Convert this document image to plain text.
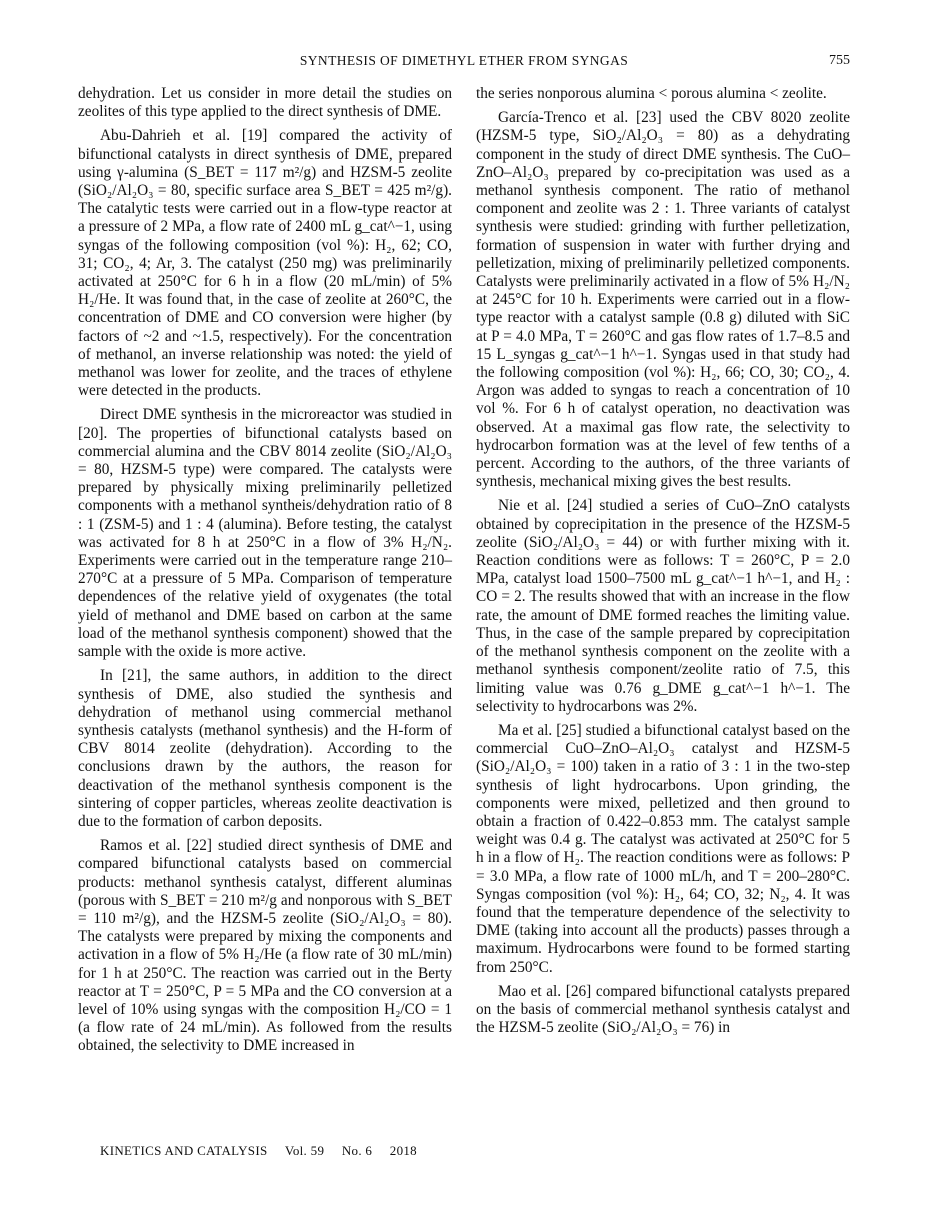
SYNTHESIS OF DIMETHYL ETHER FROM SYNGAS	755

dehydration. Let us consider in more detail the studies on zeolites of this type applied to the direct synthesis of DME.

Abu-Dahrieh et al. [19] compared the activity of bifunctional catalysts in direct synthesis of DME, prepared using γ-alumina (S_BET = 117 m²/g) and HZSM-5 zeolite (SiO₂/Al₂O₃ = 80, specific surface area S_BET = 425 m²/g). The catalytic tests were carried out in a flow-type reactor at a pressure of 2 MPa, a flow rate of 2400 mL g_cat^−1, using syngas of the following composition (vol %): H₂, 62; CO, 31; CO₂, 4; Ar, 3. The catalyst (250 mg) was preliminarily activated at 250°C for 6 h in a flow (20 mL/min) of 5% H₂/He. It was found that, in the case of zeolite at 260°C, the concentration of DME and CO conversion were higher (by factors of ~2 and ~1.5, respectively). For the concentration of methanol, an inverse relationship was noted: the yield of methanol was lower for zeolite, and the traces of ethylene were detected in the products.

Direct DME synthesis in the microreactor was studied in [20]. The properties of bifunctional catalysts based on commercial alumina and the CBV 8014 zeolite (SiO₂/Al₂O₃ = 80, HZSM-5 type) were compared. The catalysts were prepared by physically mixing preliminarily pelletized components with a methanol syntheis/dehydration ratio of 8 : 1 (ZSM-5) and 1 : 4 (alumina). Before testing, the catalyst was activated for 8 h at 250°C in a flow of 3% H₂/N₂. Experiments were carried out in the temperature range 210–270°C at a pressure of 5 MPa. Comparison of temperature dependences of the relative yield of oxygenates (the total yield of methanol and DME based on carbon at the same load of the methanol synthesis component) showed that the sample with the oxide is more active.

In [21], the same authors, in addition to the direct synthesis of DME, also studied the synthesis and dehydration of methanol using commercial methanol synthesis catalysts (methanol synthesis) and the H-form of CBV 8014 zeolite (dehydration). According to the conclusions drawn by the authors, the reason for deactivation of the methanol synthesis component is the sintering of copper particles, whereas zeolite deactivation is due to the formation of carbon deposits.

Ramos et al. [22] studied direct synthesis of DME and compared bifunctional catalysts based on commercial products: methanol synthesis catalyst, different aluminas (porous with S_BET = 210 m²/g and nonporous with S_BET = 110 m²/g), and the HZSM-5 zeolite (SiO₂/Al₂O₃ = 80). The catalysts were prepared by mixing the components and activation in a flow of 5% H₂/He (a flow rate of 30 mL/min) for 1 h at 250°C. The reaction was carried out in the Berty reactor at T = 250°C, P = 5 MPa and the CO conversion at a level of 10% using syngas with the composition H₂/CO = 1 (a flow rate of 24 mL/min). As followed from the results obtained, the selectivity to DME increased in

the series nonporous alumina < porous alumina < zeolite.

García-Trenco et al. [23] used the CBV 8020 zeolite (HZSM-5 type, SiO₂/Al₂O₃ = 80) as a dehydrating component in the study of direct DME synthesis. The CuO–ZnO–Al₂O₃ prepared by co-precipitation was used as a methanol synthesis component. The ratio of methanol component and zeolite was 2 : 1. Three variants of catalyst synthesis were studied: grinding with further pelletization, formation of suspension in water with further drying and pelletization, mixing of preliminarily pelletized components. Catalysts were preliminarily activated in a flow of 5% H₂/N₂ at 245°C for 10 h. Experiments were carried out in a flow-type reactor with a catalyst sample (0.8 g) diluted with SiC at P = 4.0 MPa, T = 260°C and gas flow rates of 1.7–8.5 and 15 L_syngas g_cat^−1 h^−1. Syngas used in that study had the following composition (vol %): H₂, 66; CO, 30; CO₂, 4. Argon was added to syngas to reach a concentration of 10 vol %. For 6 h of catalyst operation, no deactivation was observed. At a maximal gas flow rate, the selectivity to hydrocarbon formation was at the level of few tenths of a percent. According to the authors, of the three variants of synthesis, mechanical mixing gives the best results.

Nie et al. [24] studied a series of CuO–ZnO catalysts obtained by coprecipitation in the presence of the HZSM-5 zeolite (SiO₂/Al₂O₃ = 44) or with further mixing with it. Reaction conditions were as follows: T = 260°C, P = 2.0 MPa, catalyst load 1500–7500 mL g_cat^−1 h^−1, and H₂ : CO = 2. The results showed that with an increase in the flow rate, the amount of DME formed reaches the limiting value. Thus, in the case of the sample prepared by coprecipitation of the methanol synthesis component on the zeolite with a methanol synthesis component/zeolite ratio of 7.5, this limiting value was 0.76 g_DME g_cat^−1 h^−1. The selectivity to hydrocarbons was 2%.

Ma et al. [25] studied a bifunctional catalyst based on the commercial CuO–ZnO–Al₂O₃ catalyst and HZSM-5 (SiO₂/Al₂O₃ = 100) taken in a ratio of 3 : 1 in the two-step synthesis of light hydrocarbons. Upon grinding, the components were mixed, pelletized and then ground to obtain a fraction of 0.422–0.853 mm. The catalyst sample weight was 0.4 g. The catalyst was activated at 250°C for 5 h in a flow of H₂. The reaction conditions were as follows: P = 3.0 MPa, a flow rate of 1000 mL/h, and T = 200–280°C. Syngas composition (vol %): H₂, 64; CO, 32; N₂, 4. It was found that the temperature dependence of the selectivity to DME (taking into account all the products) passes through a maximum. Hydrocarbons were found to be formed starting from 250°C.

Mao et al. [26] compared bifunctional catalysts prepared on the basis of commercial methanol synthesis catalyst and the HZSM-5 zeolite (SiO₂/Al₂O₃ = 76) in

KINETICS AND CATALYSIS Vol. 59 No. 6 2018
